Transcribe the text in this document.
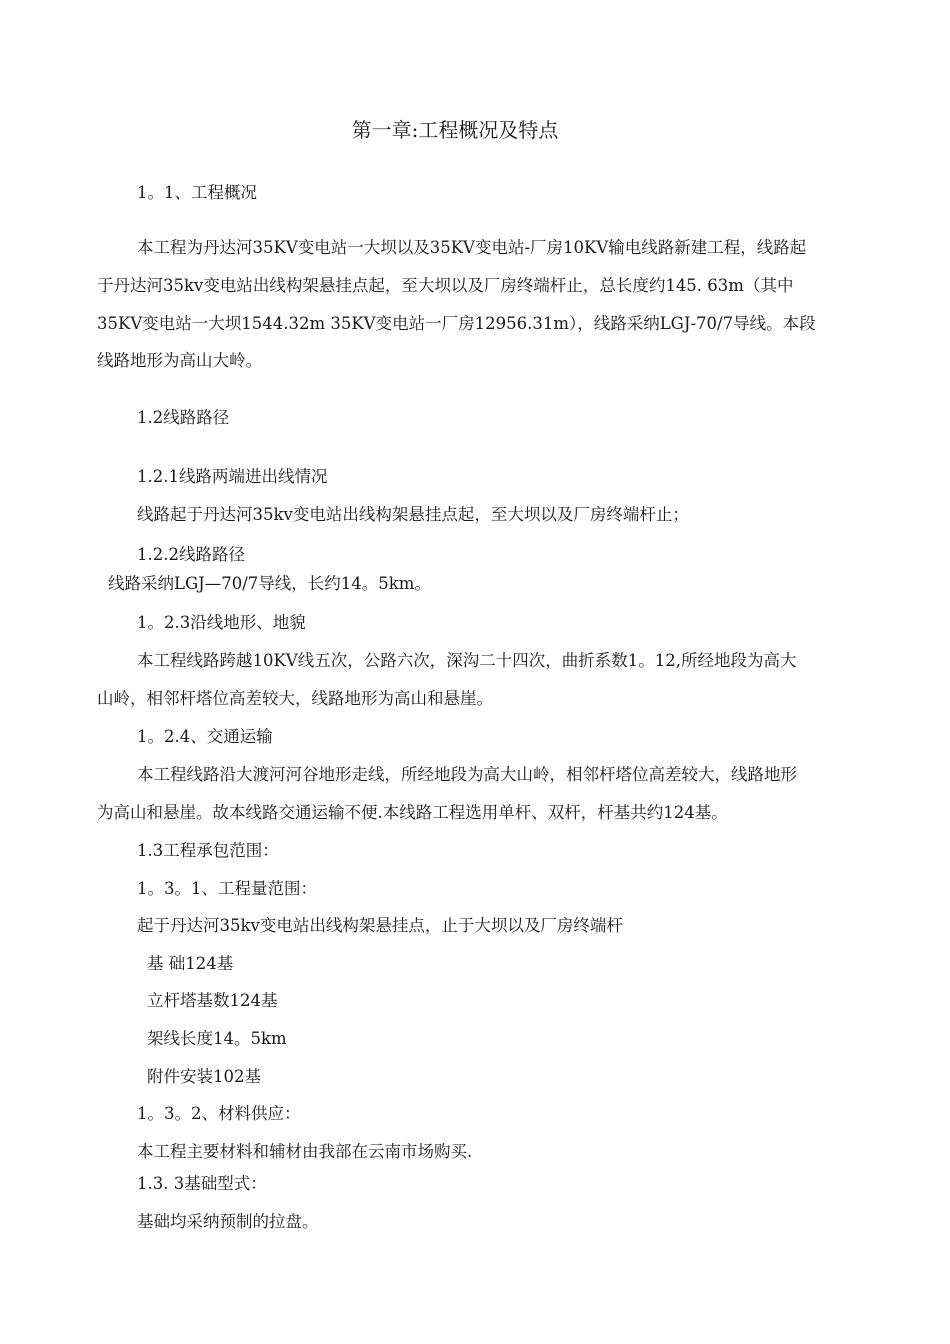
第一章:工程概况及特点
1。1、工程概况
本工程为丹达河35KV变电站一大坝以及35KV变电站-厂房10KV输电线路新建工程，线路起
于丹达河35kv变电站出线构架悬挂点起，至大坝以及厂房终端杆止，总长度约145. 63m（其中
35KV变电站一大坝1544.32m 35KV变电站一厂房12956.31m），线路采纳LGJ-70/7导线。本段
线路地形为高山大岭。
1.2线路路径
1.2.1线路两端进出线情况
线路起于丹达河35kv变电站出线构架悬挂点起，至大坝以及厂房终端杆止；
1.2.2线路路径
线路采纳LGJ—70/7导线，长约14。5km。
1。2.3沿线地形、地貌
本工程线路跨越10KV线五次，公路六次，深沟二十四次，曲折系数1。12,所经地段为高大
山岭，相邻杆塔位高差较大，线路地形为高山和悬崖。
1。2.4、交通运输
本工程线路沿大渡河河谷地形走线，所经地段为高大山岭，相邻杆塔位高差较大，线路地形
为高山和悬崖。故本线路交通运输不便.本线路工程选用单杆、双杆，杆基共约124基。
1.3工程承包范围：
1。3。1、工程量范围：
起于丹达河35kv变电站出线构架悬挂点，止于大坝以及厂房终端杆
基 础124基
立杆塔基数124基
架线长度14。5km
附件安装102基
1。3。2、材料供应：
本工程主要材料和辅材由我部在云南市场购买.
1.3. 3基础型式：
基础均采纳预制的拉盘。
